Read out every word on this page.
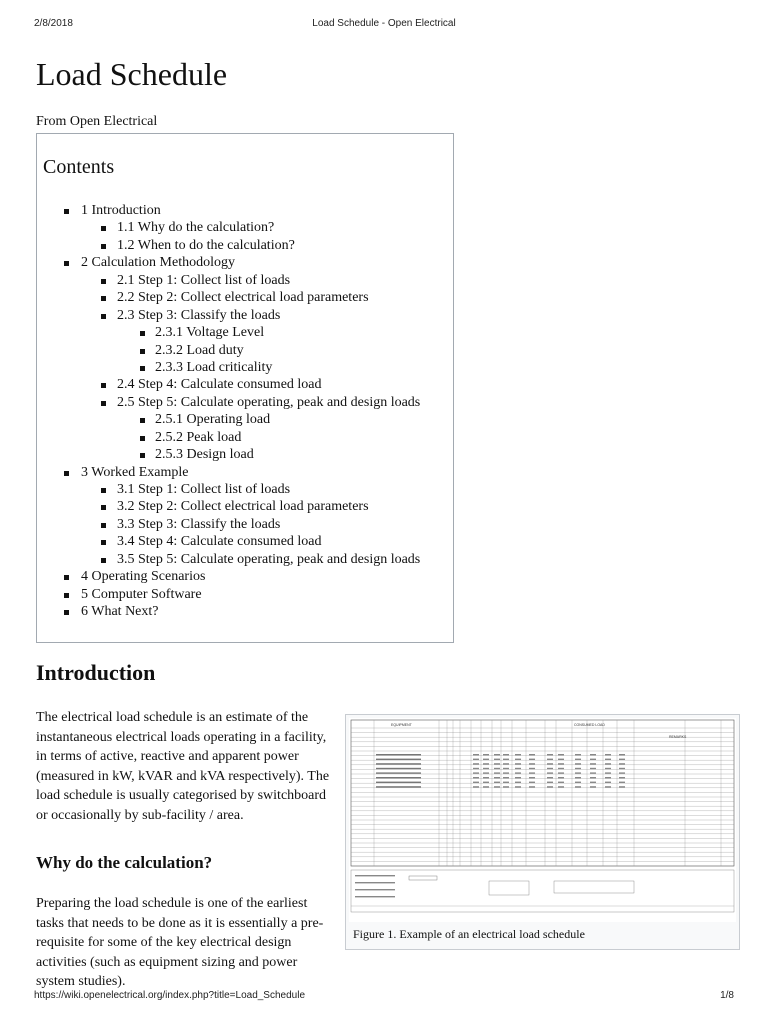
2/8/2018	Load Schedule - Open Electrical
Load Schedule
From Open Electrical
Contents
1 Introduction
1.1 Why do the calculation?
1.2 When to do the calculation?
2 Calculation Methodology
2.1 Step 1: Collect list of loads
2.2 Step 2: Collect electrical load parameters
2.3 Step 3: Classify the loads
2.3.1 Voltage Level
2.3.2 Load duty
2.3.3 Load criticality
2.4 Step 4: Calculate consumed load
2.5 Step 5: Calculate operating, peak and design loads
2.5.1 Operating load
2.5.2 Peak load
2.5.3 Design load
3 Worked Example
3.1 Step 1: Collect list of loads
3.2 Step 2: Collect electrical load parameters
3.3 Step 3: Classify the loads
3.4 Step 4: Calculate consumed load
3.5 Step 5: Calculate operating, peak and design loads
4 Operating Scenarios
5 Computer Software
6 What Next?
Introduction

The electrical load schedule is an estimate of the instantaneous electrical loads operating in a facility, in terms of active, reactive and apparent power (measured in kW, kVAR and kVA respectively). The load schedule is usually categorised by switchboard or occasionally by sub-facility / area.

Why do the calculation?

Preparing the load schedule is one of the earliest tasks that needs to be done as it is essentially a pre-requisite for some of the key electrical design activities (such as equipment sizing and power system studies).

EQUIPMENT	CONSUMED LOAD
REMARKS
Figure 1. Example of an electrical load schedule
https://wiki.openelectrical.org/index.php?title=Load_Schedule	1/8
